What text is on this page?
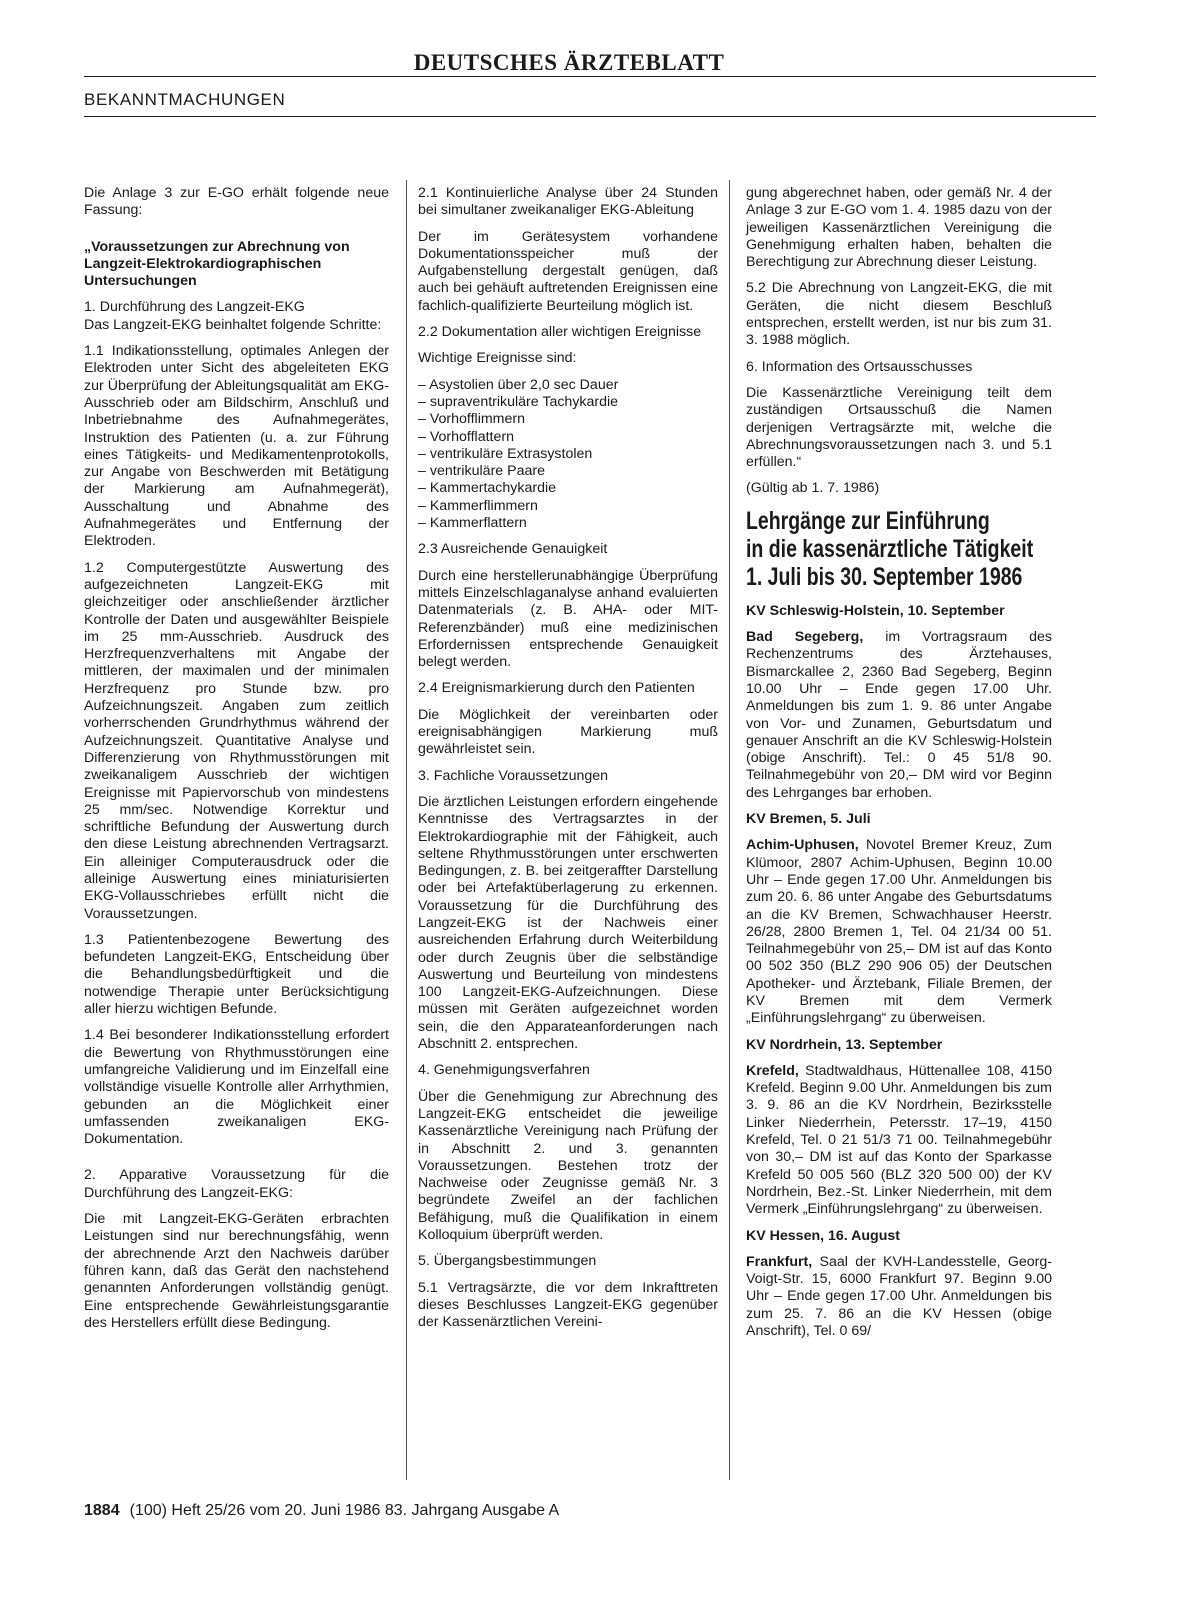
DEUTSCHES ÄRZTEBLATT
BEKANNTMACHUNGEN

Die Anlage 3 zur E-GO erhält folgende neue Fassung:

„Voraussetzungen zur Abrechnung von Langzeit-Elektrokardiographischen Untersuchungen

1. Durchführung des Langzeit-EKG

Das Langzeit-EKG beinhaltet folgende Schritte:

1.1 Indikationsstellung, optimales Anlegen der Elektroden unter Sicht des abgeleiteten EKG zur Überprüfung der Ableitungsqualität am EKG-Ausschrieb oder am Bildschirm, Anschluß und Inbetriebnahme des Aufnahmegerätes, Instruktion des Patienten (u. a. zur Führung eines Tätigkeits- und Medikamentenprotokolls, zur Angabe von Beschwerden mit Betätigung der Markierung am Aufnahmegerät), Ausschaltung und Abnahme des Aufnahmegerätes und Entfernung der Elektroden.

1.2 Computergestützte Auswertung des aufgezeichneten Langzeit-EKG mit gleichzeitiger oder anschließender ärztlicher Kontrolle der Daten und ausgewählter Beispiele im 25 mm-Ausschrieb. Ausdruck des Herzfrequenzverhaltens mit Angabe der mittleren, der maximalen und der minimalen Herzfrequenz pro Stunde bzw. pro Aufzeichnungszeit. Angaben zum zeitlich vorherrschenden Grundrhythmus während der Aufzeichnungszeit. Quantitative Analyse und Differenzierung von Rhythmusstörungen mit zweikanaligem Ausschrieb der wichtigen Ereignisse mit Papiervorschub von mindestens 25 mm/sec. Notwendige Korrektur und schriftliche Befundung der Auswertung durch den diese Leistung abrechnenden Vertragsarzt. Ein alleiniger Computerausdruck oder die alleinige Auswertung eines miniaturisierten EKG-Vollausschriebes erfüllt nicht die Voraussetzungen.

1.3 Patientenbezogene Bewertung des befundeten Langzeit-EKG, Entscheidung über die Behandlungsbedürftigkeit und die notwendige Therapie unter Berücksichtigung aller hierzu wichtigen Befunde.

1.4 Bei besonderer Indikationsstellung erfordert die Bewertung von Rhythmusstörungen eine umfangreiche Validierung und im Einzelfall eine vollständige visuelle Kontrolle aller Arrhythmien, gebunden an die Möglichkeit einer umfassenden zweikanaligen EKG-Dokumentation.

2. Apparative Voraussetzung für die Durchführung des Langzeit-EKG:

Die mit Langzeit-EKG-Geräten erbrachten Leistungen sind nur berechnungsfähig, wenn der abrechnende Arzt den Nachweis darüber führen kann, daß das Gerät den nachstehend genannten Anforderungen vollständig genügt. Eine entsprechende Gewährleistungsgarantie des Herstellers erfüllt diese Bedingung.

2.1 Kontinuierliche Analyse über 24 Stunden bei simultaner zweikanaliger EKG-Ableitung

Der im Gerätesystem vorhandene Dokumentationsspeicher muß der Aufgabenstellung dergestalt genügen, daß auch bei gehäuft auftretenden Ereignissen eine fachlich-qualifizierte Beurteilung möglich ist.

2.2 Dokumentation aller wichtigen Ereignisse

Wichtige Ereignisse sind:

– Asystolien über 2,0 sec Dauer
– supraventrikuläre Tachykardie
– Vorhofflimmern
– Vorhofflattern
– ventrikuläre Extrasystolen
– ventrikuläre Paare
– Kammertachykardie
– Kammerflimmern
– Kammerflattern

2.3 Ausreichende Genauigkeit

Durch eine herstellerunabhängige Überprüfung mittels Einzelschlaganalyse anhand evaluierten Datenmaterials (z. B. AHA- oder MIT-Referenzbänder) muß eine medizinischen Erfordernissen entsprechende Genauigkeit belegt werden.

2.4 Ereignismarkierung durch den Patienten

Die Möglichkeit der vereinbarten oder ereignisabhängigen Markierung muß gewährleistet sein.

3. Fachliche Voraussetzungen

Die ärztlichen Leistungen erfordern eingehende Kenntnisse des Vertragsarztes in der Elektrokardiographie mit der Fähigkeit, auch seltene Rhythmusstörungen unter erschwerten Bedingungen, z. B. bei zeitgeraffter Darstellung oder bei Artefaktüberlagerung zu erkennen. Voraussetzung für die Durchführung des Langzeit-EKG ist der Nachweis einer ausreichenden Erfahrung durch Weiterbildung oder durch Zeugnis über die selbständige Auswertung und Beurteilung von mindestens 100 Langzeit-EKG-Aufzeichnungen. Diese müssen mit Geräten aufgezeichnet worden sein, die den Apparateanforderungen nach Abschnitt 2. entsprechen.

4. Genehmigungsverfahren

Über die Genehmigung zur Abrechnung des Langzeit-EKG entscheidet die jeweilige Kassenärztliche Vereinigung nach Prüfung der in Abschnitt 2. und 3. genannten Voraussetzungen. Bestehen trotz der Nachweise oder Zeugnisse gemäß Nr. 3 begründete Zweifel an der fachlichen Befähigung, muß die Qualifikation in einem Kolloquium überprüft werden.

5. Übergangsbestimmungen

5.1 Vertragsärzte, die vor dem Inkrafttreten dieses Beschlusses Langzeit-EKG gegenüber der Kassenärztlichen Vereini-

gung abgerechnet haben, oder gemäß Nr. 4 der Anlage 3 zur E-GO vom 1. 4. 1985 dazu von der jeweiligen Kassenärztlichen Vereinigung die Genehmigung erhalten haben, behalten die Berechtigung zur Abrechnung dieser Leistung.

5.2 Die Abrechnung von Langzeit-EKG, die mit Geräten, die nicht diesem Beschluß entsprechen, erstellt werden, ist nur bis zum 31. 3. 1988 möglich.

6. Information des Ortsausschusses

Die Kassenärztliche Vereinigung teilt dem zuständigen Ortsausschuß die Namen derjenigen Vertragsärzte mit, welche die Abrechnungsvoraussetzungen nach 3. und 5.1 erfüllen.“

(Gültig ab 1. 7. 1986)

Lehrgänge zur Einführung
in die kassenärztliche Tätigkeit
1. Juli bis 30. September 1986
KV Schleswig-Holstein, 10. September

Bad Segeberg, im Vortragsraum des Rechenzentrums des Ärztehauses, Bismarckallee 2, 2360 Bad Segeberg, Beginn 10.00 Uhr – Ende gegen 17.00 Uhr. Anmeldungen bis zum 1. 9. 86 unter Angabe von Vor- und Zunamen, Geburtsdatum und genauer Anschrift an die KV Schleswig-Holstein (obige Anschrift). Tel.: 0 45 51/8 90. Teilnahmegebühr von 20,– DM wird vor Beginn des Lehrganges bar erhoben.

KV Bremen, 5. Juli

Achim-Uphusen, Novotel Bremer Kreuz, Zum Klümoor, 2807 Achim-Uphusen, Beginn 10.00 Uhr – Ende gegen 17.00 Uhr. Anmeldungen bis zum 20. 6. 86 unter Angabe des Geburtsdatums an die KV Bremen, Schwachhauser Heerstr. 26/28, 2800 Bremen 1, Tel. 04 21/34 00 51. Teilnahmegebühr von 25,– DM ist auf das Konto 00 502 350 (BLZ 290 906 05) der Deutschen Apotheker- und Ärztebank, Filiale Bremen, der KV Bremen mit dem Vermerk „Einführungslehrgang“ zu überweisen.

KV Nordrhein, 13. September

Krefeld, Stadtwaldhaus, Hüttenallee 108, 4150 Krefeld. Beginn 9.00 Uhr. Anmeldungen bis zum 3. 9. 86 an die KV Nordrhein, Bezirksstelle Linker Niederrhein, Petersstr. 17–19, 4150 Krefeld, Tel. 0 21 51/3 71 00. Teilnahmegebühr von 30,– DM ist auf das Konto der Sparkasse Krefeld 50 005 560 (BLZ 320 500 00) der KV Nordrhein, Bez.-St. Linker Niederrhein, mit dem Vermerk „Einführungslehrgang“ zu überweisen.

KV Hessen, 16. August

Frankfurt, Saal der KVH-Landesstelle, Georg-Voigt-Str. 15, 6000 Frankfurt 97. Beginn 9.00 Uhr – Ende gegen 17.00 Uhr. Anmeldungen bis zum 25. 7. 86 an die KV Hessen (obige Anschrift), Tel. 0 69/

1884 (100) Heft 25/26 vom 20. Juni 1986 83. Jahrgang Ausgabe A
